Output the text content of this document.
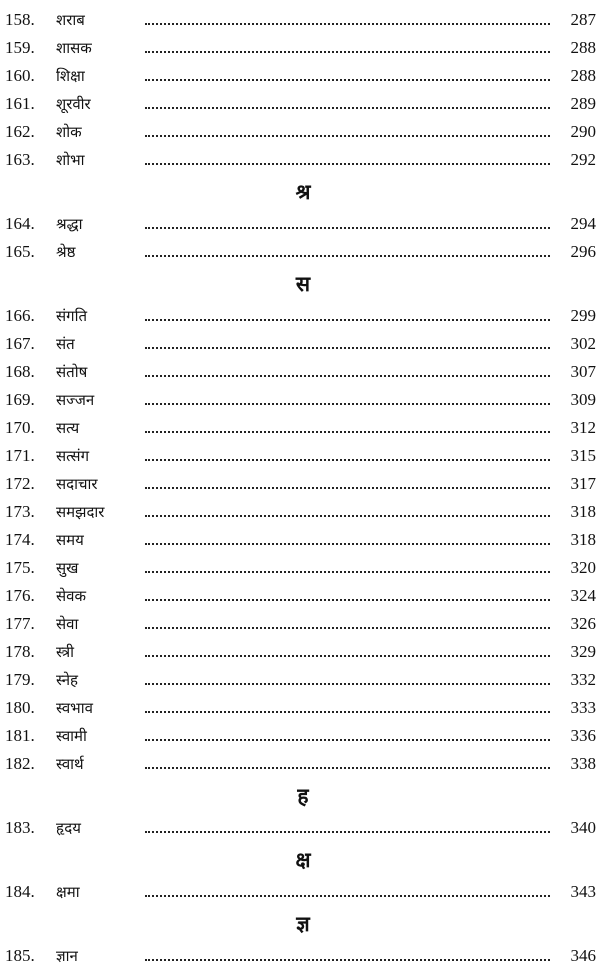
158.	शराब	287
159.	शासक	288
160.	शिक्षा	288
161.	शूरवीर	289
162.	शोक	290
163.	शोभा	292
श्र
164.	श्रद्धा	294
165.	श्रेष्ठ	296
स
166.	संगति	299
167.	संत	302
168.	संतोष	307
169.	सज्जन	309
170.	सत्य	312
171.	सत्संग	315
172.	सदाचार	317
173.	समझदार	318
174.	समय	318
175.	सुख	320
176.	सेवक	324
177.	सेवा	326
178.	स्त्री	329
179.	स्नेह	332
180.	स्वभाव	333
181.	स्वामी	336
182.	स्वार्थ	338
ह
183.	हृदय	340
क्ष
184.	क्षमा	343
ज्ञ
185.	ज्ञान	346
